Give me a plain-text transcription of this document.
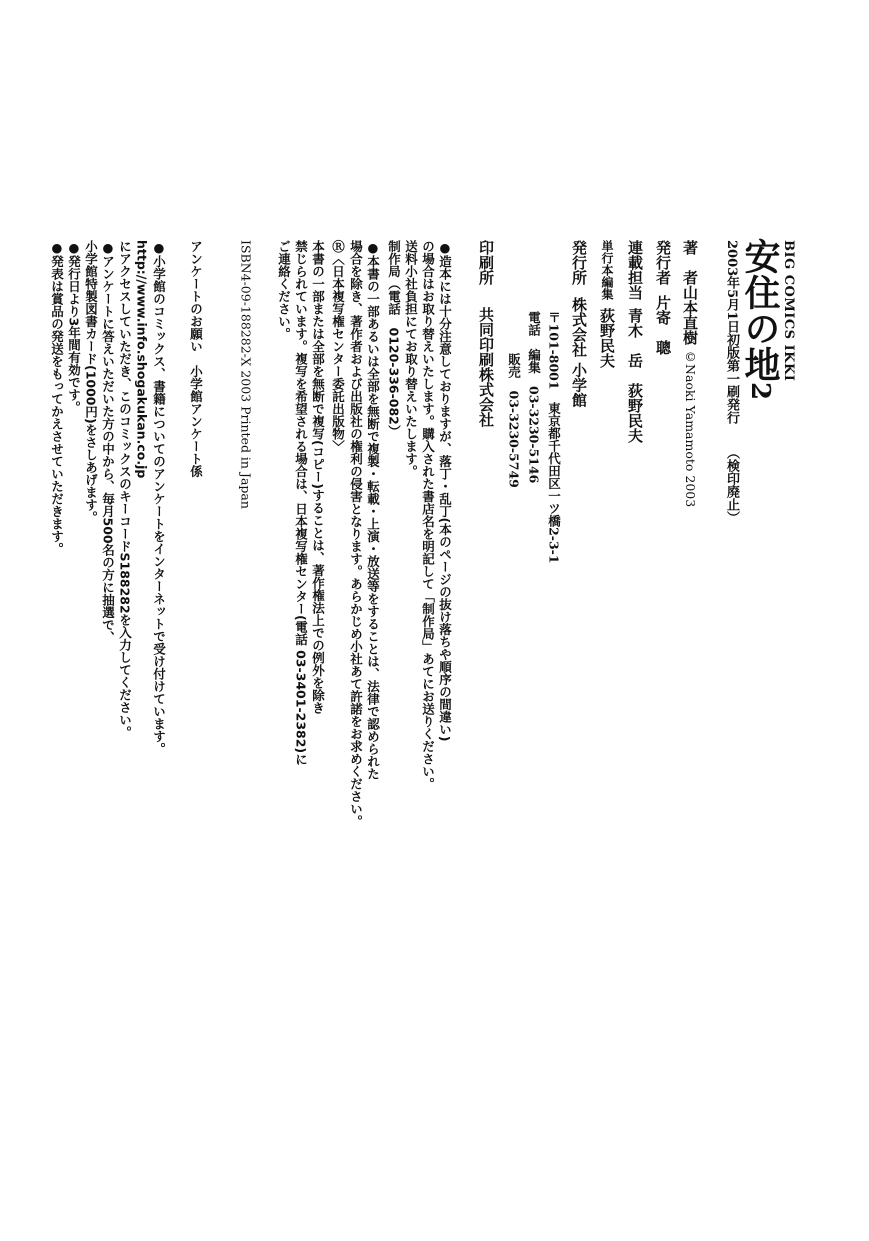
BIG COMICS IKKI
安住の地2
2003年5月1日初版第一刷発行（検印廃止）
著　者山本直樹©Naoki Yamamoto 2003
発行者片寄　聰
連載担当青木　岳　荻野民夫
単行本編集荻野民夫
発行所株式会社 小学館
〒101-8001　東京都千代田区一ツ橋2-3-1
電話　編集　03-3230-5146
販売　03-3230-5749
印刷所共同印刷株式会社
●造本には十分注意しておりますが、落丁・乱丁(本のページの抜け落ちや順序の間違い)
の場合はお取り替えいたします。購入された書店名を明記して「制作局」あてにお送りください。
送料小社負担にてお取り替えいたします。
制作局（電話　0120-336-082）
●本書の一部あるいは全部を無断で複製・転載・上演・放送等をすることは、法律で認められた
場合を除き、著作者および出版社の権利の侵害となります。あらかじめ小社あて許諾をお求めください。
Ⓡ〈日本複写権センター委託出版物〉
本書の一部または全部を無断で複写(コピー)することは、著作権法上での例外を除き
禁じられています。複写を希望される場合は、日本複写権センター(電話 03-3401-2382)に
ご連絡ください。
ISBN4-09-188282-X 2003 Printed in Japan
アンケートのお願い　小学館アンケート係
●小学館のコミックス、書籍についてのアンケートをインターネットで受け付けています。
http://www.info.shogakukan.co.jp
にアクセスしていただき、このコミックスのキーコードS188282を入力してください。
●アンケートに答えいただいた方の中から、毎月500名の方に抽選で、
小学館特製図書カード(1000円)をさしあげます。
●発行日より3年間有効です。
●発表は賞品の発送をもってかえさせていただきます。
